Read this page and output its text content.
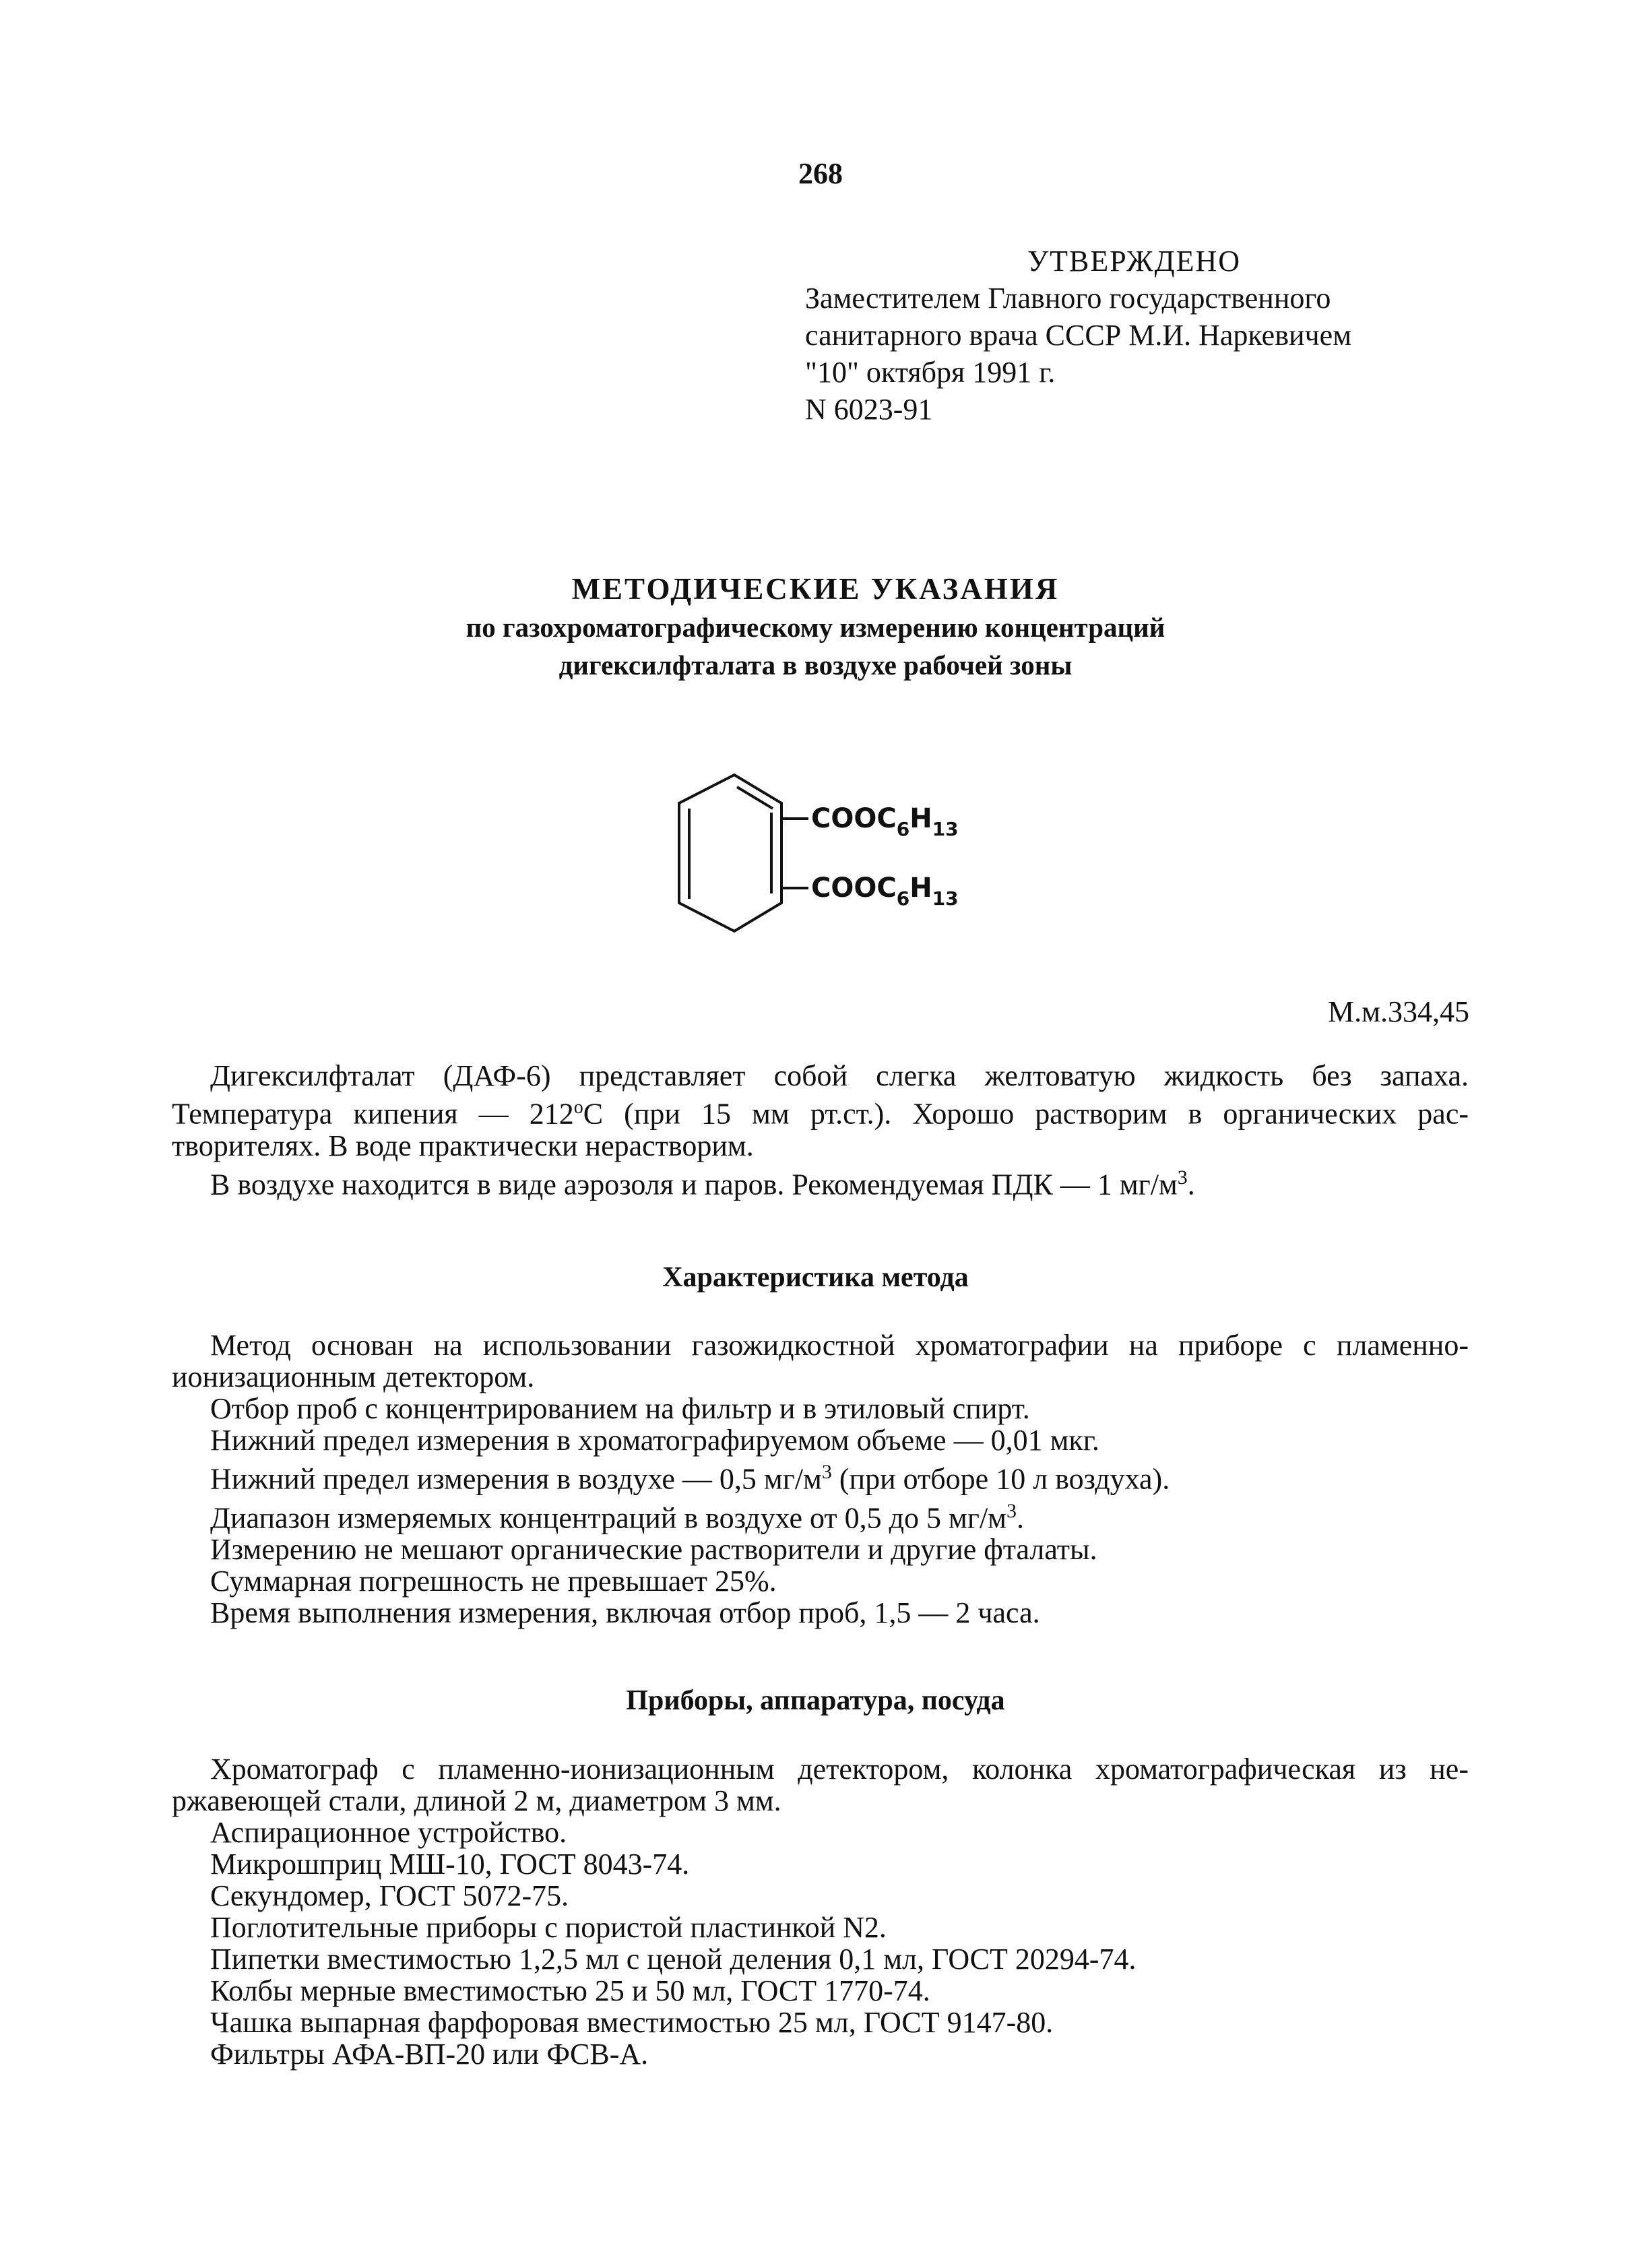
268
УТВЕРЖДЕНО
Заместителем Главного государственного
санитарного врача СССР М.И. Наркевичем
"10" октября 1991 г.
N 6023-91
МЕТОДИЧЕСКИЕ УКАЗАНИЯ
по газохроматографическому измерению концентраций
дигексилфталата в воздухе рабочей зоны
$COOC_6H_{13}$
$COOC_6H_{13}$
М.м.334,45

Дигексилфталат (ДАФ-6) представляет собой слегка желтоватую жидкость без запаха.

Температура кипения — $212^оС$ (при 15 мм рт.ст.). Хорошо растворим в органических рас-

творителях. В воде практически нерастворим.

В воздухе находится в виде аэрозоля и паров. Рекомендуемая ПДК — 1 $мг/м^3$.

Характеристика метода

Метод основан на использовании газожидкостной хроматографии на приборе с пламенно-

ионизационным детектором.

Отбор проб с концентрированием на фильтр и в этиловый спирт.

Нижний предел измерения в хроматографируемом объеме — 0,01 мкг.

Нижний предел измерения в воздухе — 0,5 $мг/м^3$ (при отборе 10 л воздуха).

Диапазон измеряемых концентраций в воздухе от 0,5 до 5 $мг/м^3$.

Измерению не мешают органические растворители и другие фталаты.

Суммарная погрешность не превышает 25%.

Время выполнения измерения, включая отбор проб, 1,5 — 2 часа.

Приборы, аппаратура, посуда

Хроматограф с пламенно-ионизационным детектором, колонка хроматографическая из не-

ржавеющей стали, длиной 2 м, диаметром 3 мм.

Аспирационное устройство.

Микрошприц МШ-10, ГОСТ 8043-74.

Секундомер, ГОСТ 5072-75.

Поглотительные приборы с пористой пластинкой N2.

Пипетки вместимостью 1,2,5 мл с ценой деления 0,1 мл, ГОСТ 20294-74.

Колбы мерные вместимостью 25 и 50 мл, ГОСТ 1770-74.

Чашка выпарная фарфоровая вместимостью 25 мл, ГОСТ 9147-80.

Фильтры АФА-ВП-20 или ФСВ-А.
